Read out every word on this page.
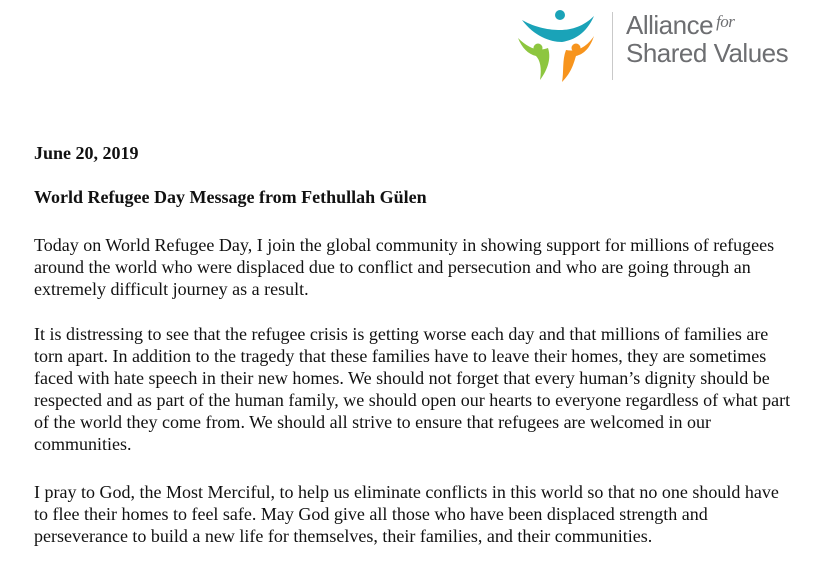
Alliance $^{for}$
Shared Values
June 20, 2019
World Refugee Day Message from Fethullah Gülen

Today on World Refugee Day, I join the global community in showing support for millions of refugees around the world who were displaced due to conflict and persecution and who are going through an extremely difficult journey as a result.

It is distressing to see that the refugee crisis is getting worse each day and that millions of families are torn apart. In addition to the tragedy that these families have to leave their homes, they are sometimes faced with hate speech in their new homes. We should not forget that every human’s dignity should be respected and as part of the human family, we should open our hearts to everyone regardless of what part of the world they come from. We should all strive to ensure that refugees are welcomed in our communities.

I pray to God, the Most Merciful, to help us eliminate conflicts in this world so that no one should have to flee their homes to feel safe. May God give all those who have been displaced strength and perseverance to build a new life for themselves, their families, and their communities.
